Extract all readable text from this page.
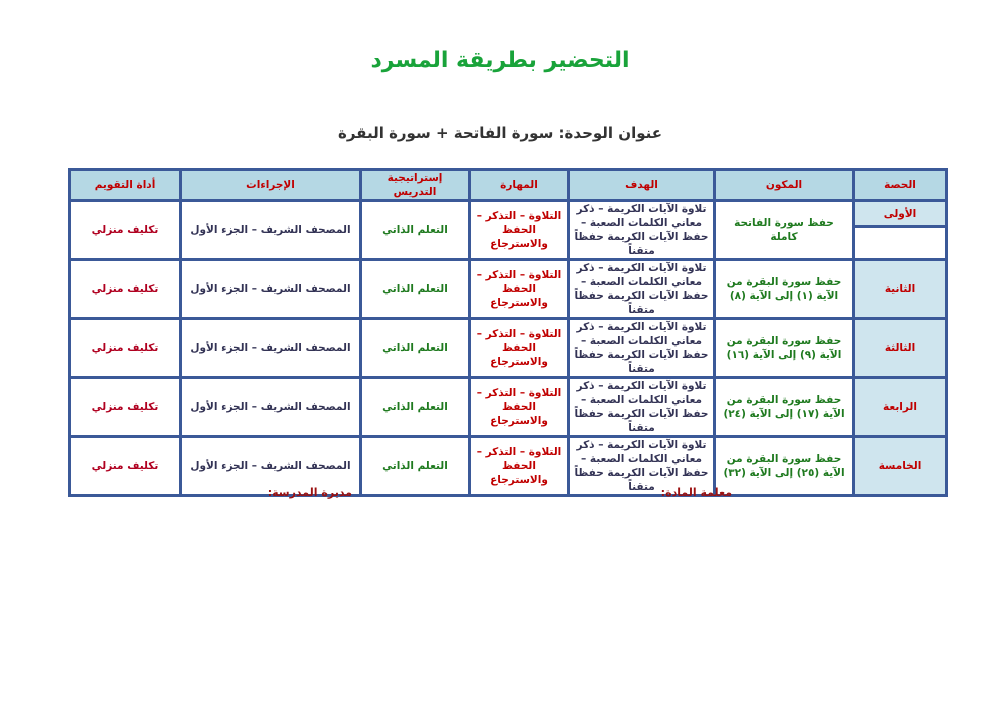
التحضير بطريقة المسرد
عنوان الوحدة: سورة الفاتحة + سورة البقرة
الحصة	المكون	الهدف	المهارة	إستراتيجية التدريس	الإجراءات	أداة التقويم
الأولى	حفظ سورة الفاتحة كاملة	تلاوة الآيات الكريمة – ذكر معاني الكلمات الصعبة – حفظ الآيات الكريمة حفظاً متقناً	التلاوة – التذكر – الحفظ والاسترجاع	التعلم الذاتي	المصحف الشريف – الجزء الأول	تكليف منزلي

الثانية	حفظ سورة البقرة من الآية (١) إلى الآية (٨)	تلاوة الآيات الكريمة – ذكر معاني الكلمات الصعبة – حفظ الآيات الكريمة حفظاً متقناً	التلاوة – التذكر – الحفظ والاسترجاع	التعلم الذاتي	المصحف الشريف – الجزء الأول	تكليف منزلي
الثالثة	حفظ سورة البقرة من الآية (٩) إلى الآية (١٦)	تلاوة الآيات الكريمة – ذكر معاني الكلمات الصعبة – حفظ الآيات الكريمة حفظاً متقناً	التلاوة – التذكر – الحفظ والاسترجاع	التعلم الذاتي	المصحف الشريف – الجزء الأول	تكليف منزلي
الرابعة	حفظ سورة البقرة من الآية (١٧) إلى الآية (٢٤)	تلاوة الآيات الكريمة – ذكر معاني الكلمات الصعبة – حفظ الآيات الكريمة حفظاً متقناً	التلاوة – التذكر – الحفظ والاسترجاع	التعلم الذاتي	المصحف الشريف – الجزء الأول	تكليف منزلي
الخامسة	حفظ سورة البقرة من الآية (٢٥) إلى الآية (٣٢)	تلاوة الآيات الكريمة – ذكر معاني الكلمات الصعبة – حفظ الآيات الكريمة حفظاً متقناً	التلاوة – التذكر – الحفظ والاسترجاع	التعلم الذاتي	المصحف الشريف – الجزء الأول	تكليف منزلي
معلمة المادة:
مديرة المدرسة:
